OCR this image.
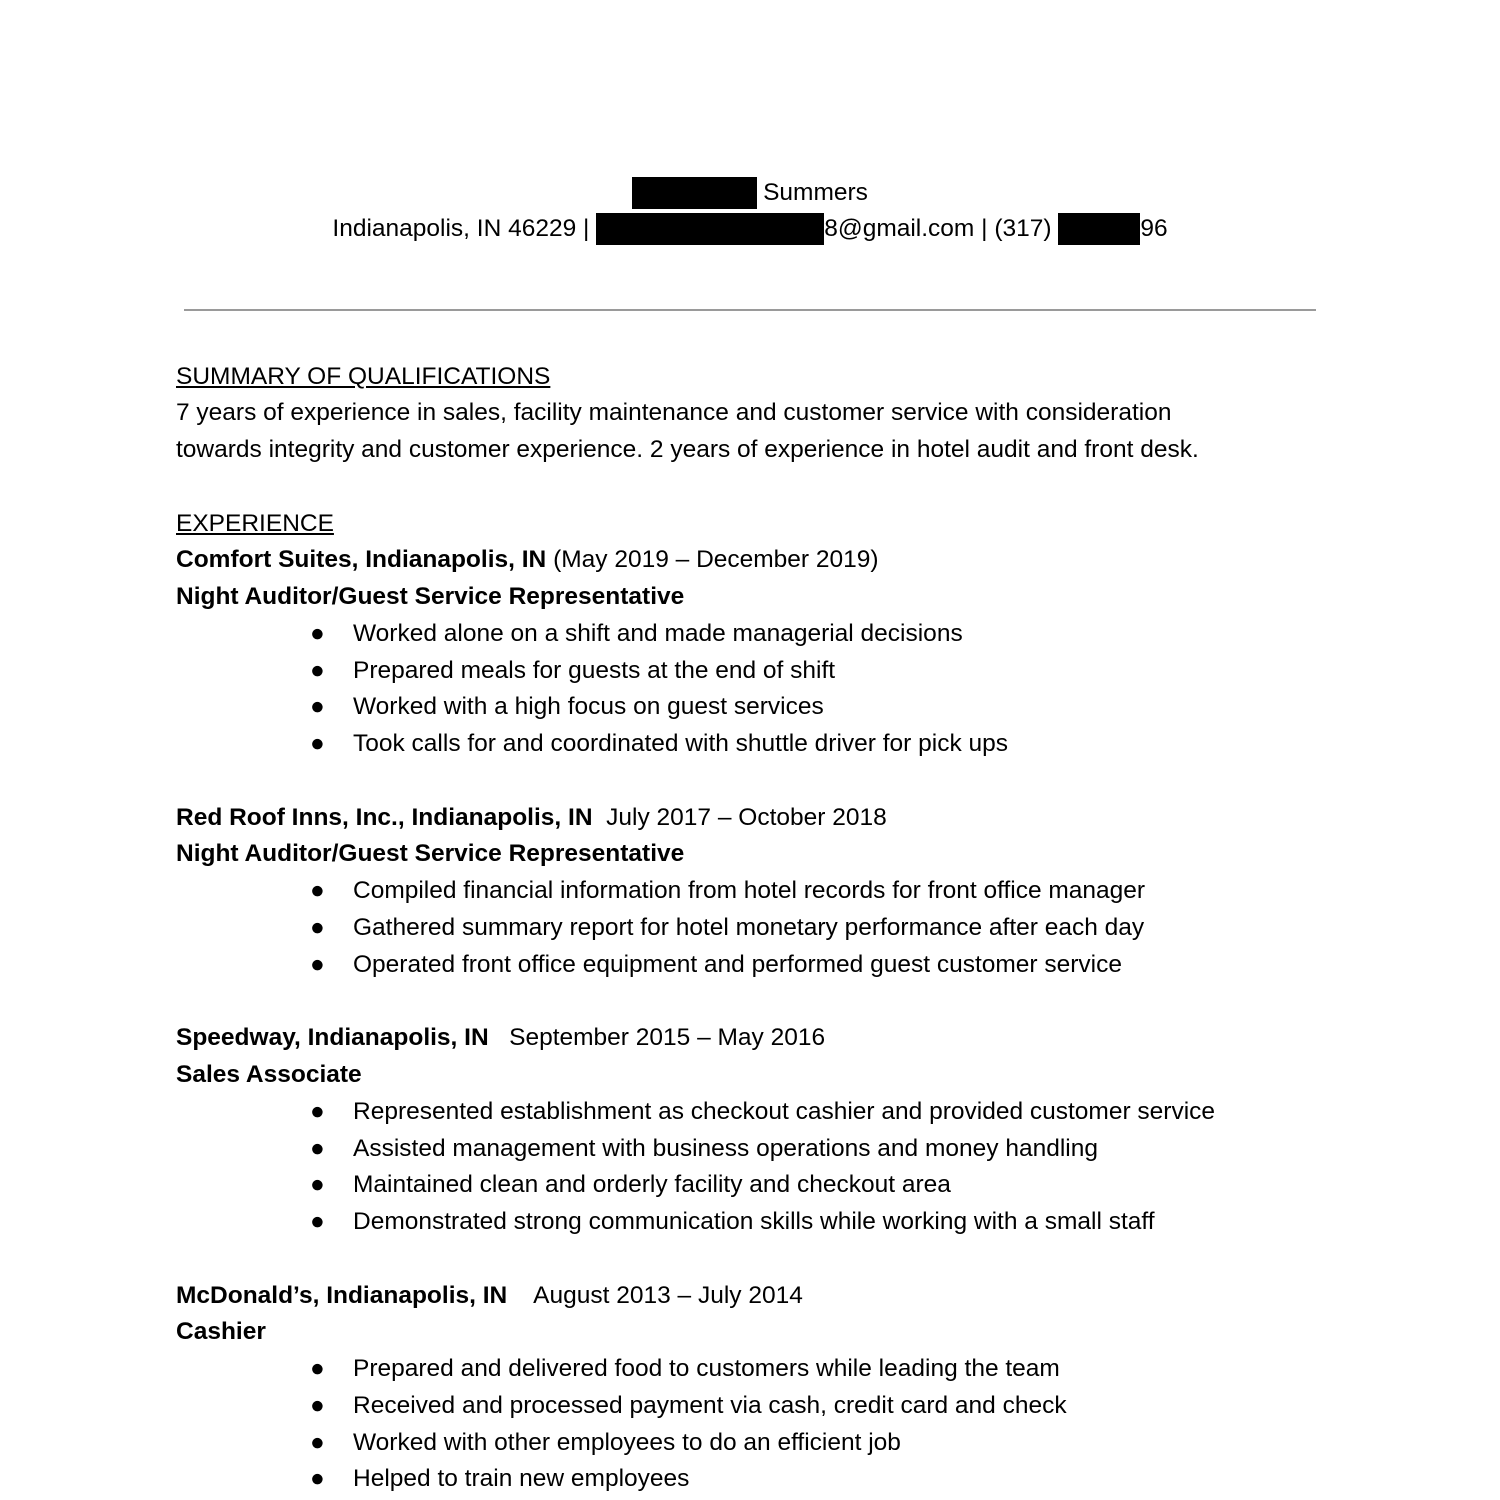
Summers
Indianapolis, IN 46229 |	8@gmail.com | (317)	96
SUMMARY OF QUALIFICATIONS
7 years of experience in sales, facility maintenance and customer service with consideration
towards integrity and customer experience. 2 years of experience in hotel audit and front desk.
EXPERIENCE
Comfort Suites, Indianapolis, IN (May 2019 – December 2019)
Night Auditor/Guest Service Representative
● Worked alone on a shift and made managerial decisions
● Prepared meals for guests at the end of shift
● Worked with a high focus on guest services
● Took calls for and coordinated with shuttle driver for pick ups
Red Roof Inns, Inc., Indianapolis, IN  July 2017 – October 2018
Night Auditor/Guest Service Representative
● Compiled financial information from hotel records for front office manager
● Gathered summary report for hotel monetary performance after each day
● Operated front office equipment and performed guest customer service
Speedway, Indianapolis, IN   September 2015 – May 2016
Sales Associate
● Represented establishment as checkout cashier and provided customer service
● Assisted management with business operations and money handling
● Maintained clean and orderly facility and checkout area
● Demonstrated strong communication skills while working with a small staff
McDonald’s, Indianapolis, IN    August 2013 – July 2014
Cashier
● Prepared and delivered food to customers while leading the team
● Received and processed payment via cash, credit card and check
● Worked with other employees to do an efficient job
● Helped to train new employees
